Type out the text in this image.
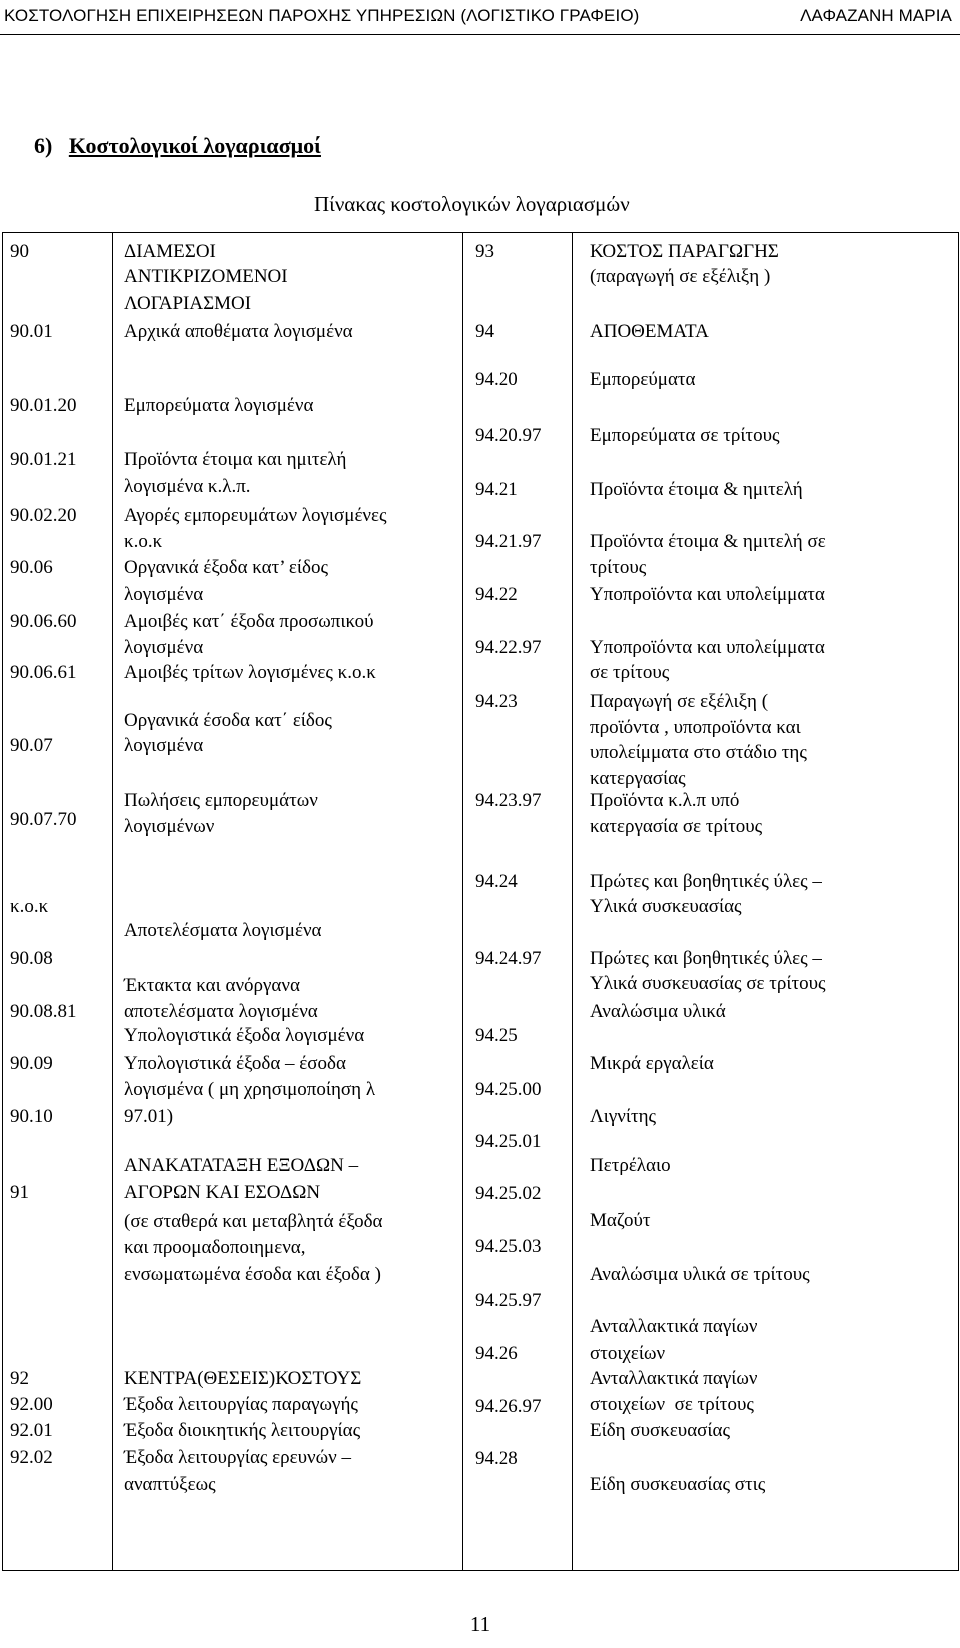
ΚΟΣΤΟΛΟΓΗΣΗ ΕΠΙΧΕΙΡΗΣΕΩΝ ΠΑΡΟΧΗΣ ΥΠΗΡΕΣΙΩΝ (ΛΟΓΙΣΤΙΚΟ ΓΡΑΦΕΙΟ)	ΛΑΦΑΖΑΝΗ ΜΑΡΙΑ
6) Κοστολογικοί λογαριασμοί
Πίνακας κοστολογικών λογαριασμών
90
90.01
90.01.20
90.01.21
90.02.20
90.06
90.06.60
90.06.61
90.07
90.07.70
κ.ο.κ
90.08
90.08.81
90.09
90.10
91
92
92.00
92.01
92.02
ΔΙΑΜΕΣΟΙ
ΑΝΤΙΚΡΙΖΟΜΕΝΟΙ
ΛΟΓΑΡΙΑΣΜΟΙ
Αρχικά αποθέματα λογισμένα
Εμπορεύματα λογισμένα
Προϊόντα έτοιμα και ημιτελή
λογισμένα κ.λ.π.
Αγορές εμπορευμάτων λογισμένες
κ.ο.κ
Οργανικά έξοδα κατ’ είδος
λογισμένα
Αμοιβές κατ΄ έξοδα προσωπικού
λογισμένα
Αμοιβές τρίτων λογισμένες κ.ο.κ
Οργανικά έσοδα κατ΄ είδος
λογισμένα
Πωλήσεις εμπορευμάτων
λογισμένων
Αποτελέσματα λογισμένα
Έκτακτα και ανόργανα
αποτελέσματα λογισμένα
Υπολογιστικά έξοδα λογισμένα
Υπολογιστικά έξοδα – έσοδα
λογισμένα ( μη χρησιμοποίηση λ
97.01)
ΑΝΑΚΑΤΑΤΑΞΗ ΕΞΟΔΩΝ –
ΑΓΟΡΩΝ ΚΑΙ ΕΣΟΔΩΝ
(σε σταθερά και μεταβλητά έξοδα
και προομαδοποιημενα,
ενσωματωμένα έσοδα και έξοδα )
ΚΕΝΤΡΑ(ΘΕΣΕΙΣ)ΚΟΣΤΟΥΣ
Έξοδα λειτουργίας παραγωγής
Έξοδα διοικητικής λειτουργίας
Έξοδα λειτουργίας ερευνών –
αναπτύξεως
93
94
94.20
94.20.97
94.21
94.21.97
94.22
94.22.97
94.23
94.23.97
94.24
94.24.97
94.25
94.25.00
94.25.01
94.25.02
94.25.03
94.25.97
94.26
94.26.97
94.28
ΚΟΣΤΟΣ ΠΑΡΑΓΩΓΗΣ
(παραγωγή σε εξέλιξη )
ΑΠΟΘΕΜΑΤΑ
Εμπορεύματα
Εμπορεύματα σε τρίτους
Προϊόντα έτοιμα & ημιτελή
Προϊόντα έτοιμα & ημιτελή σε
τρίτους
Υποπροϊόντα και υπολείμματα
Υποπροϊόντα και υπολείμματα
σε τρίτους
Παραγωγή σε εξέλιξη (
προϊόντα , υποπροϊόντα και
υπολείμματα στο στάδιο της
κατεργασίας
Προϊόντα κ.λ.π υπό
κατεργασία σε τρίτους
Πρώτες και βοηθητικές ύλες –
Υλικά συσκευασίας
Πρώτες και βοηθητικές ύλες –
Υλικά συσκευασίας σε τρίτους
Αναλώσιμα υλικά
Μικρά εργαλεία
Λιγνίτης
Πετρέλαιο
Μαζούτ
Αναλώσιμα υλικά σε τρίτους
Ανταλλακτικά παγίων
στοιχείων
Ανταλλακτικά παγίων
στοιχείων  σε τρίτους
Είδη συσκευασίας
Είδη συσκευασίας στις
11
